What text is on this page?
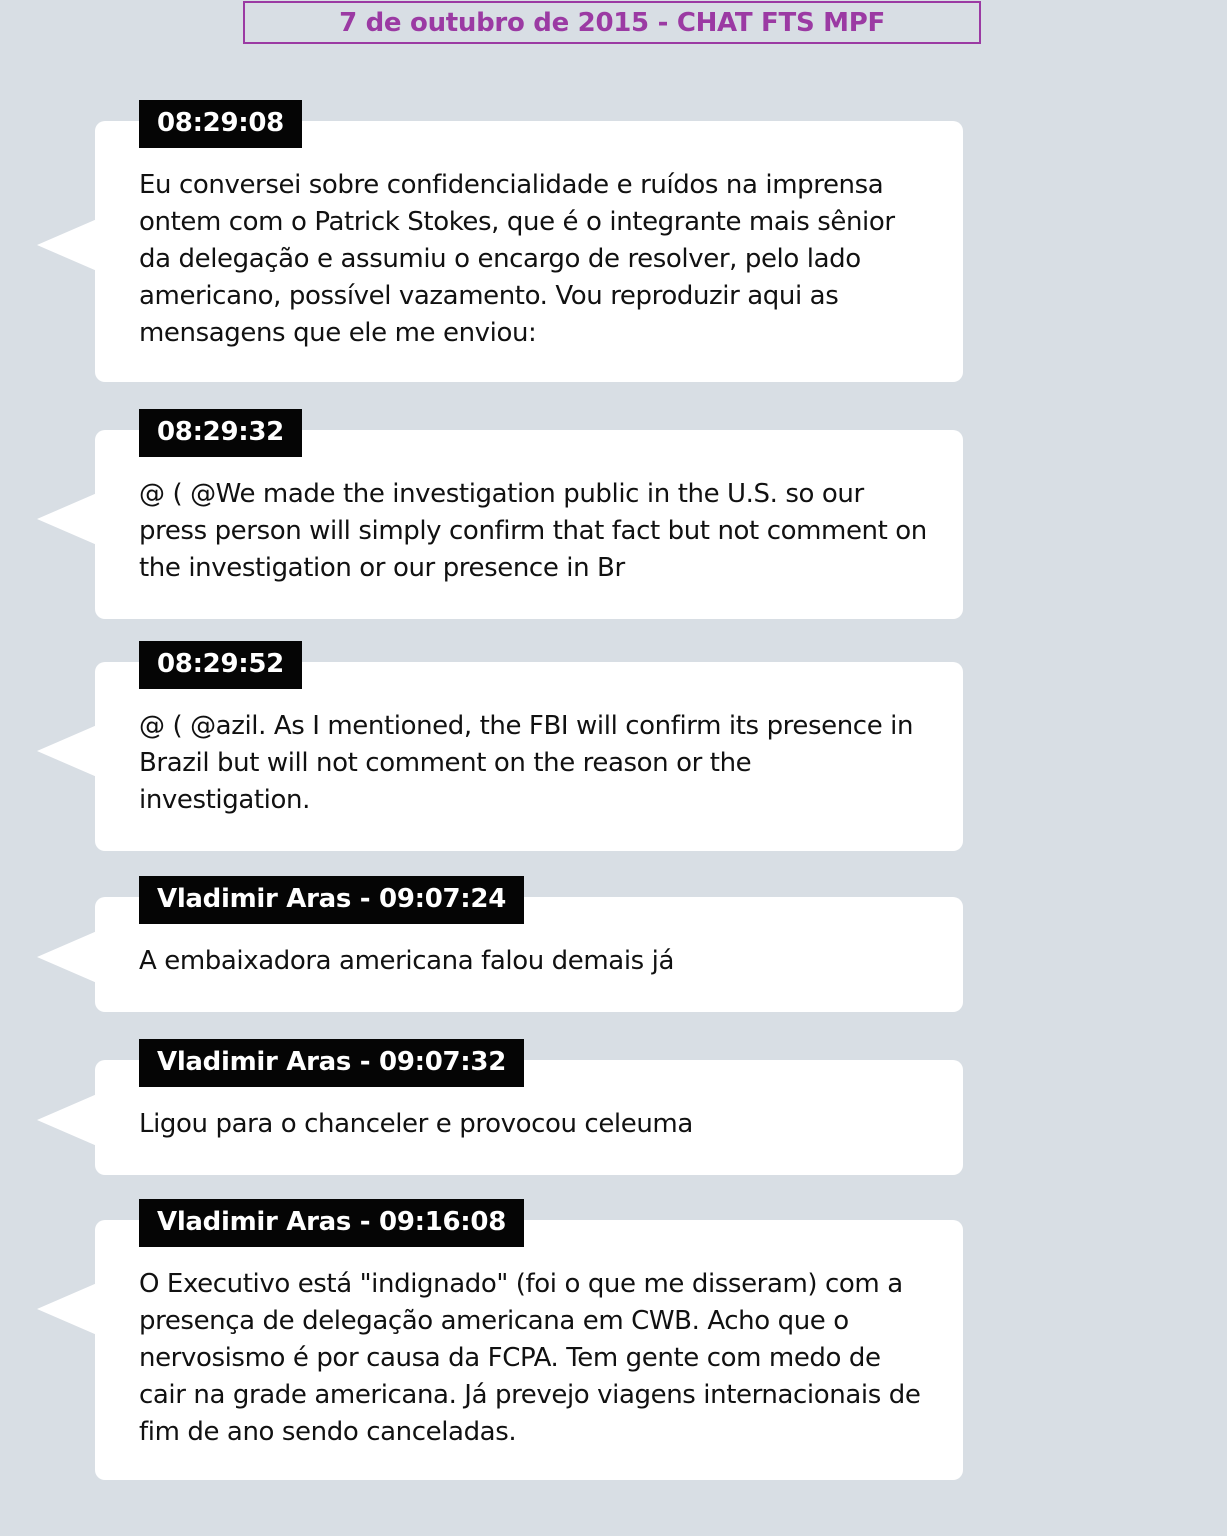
7 de outubro de 2015 - CHAT FTS MPF
08:29:08
Eu conversei sobre confidencialidade e ruídos na imprensa ontem com o Patrick Stokes, que é o integrante mais sênior da delegação e assumiu o encargo de resolver, pelo lado americano, possível vazamento. Vou reproduzir aqui as mensagens que ele me enviou:
08:29:32
@ ( @We made the investigation public in the U.S. so our press person will simply confirm that fact but not comment on the investigation or our presence in Br
08:29:52
@ ( @azil. As I mentioned, the FBI will confirm its presence in Brazil but will not comment on the reason or the investigation.
Vladimir Aras - 09:07:24
A embaixadora americana falou demais já
Vladimir Aras - 09:07:32
Ligou para o chanceler e provocou celeuma
Vladimir Aras - 09:16:08
O Executivo está "indignado" (foi o que me disseram) com a presença de delegação americana em CWB. Acho que o nervosismo é por causa da FCPA. Tem gente com medo de cair na grade americana. Já prevejo viagens internacionais de fim de ano sendo canceladas.
